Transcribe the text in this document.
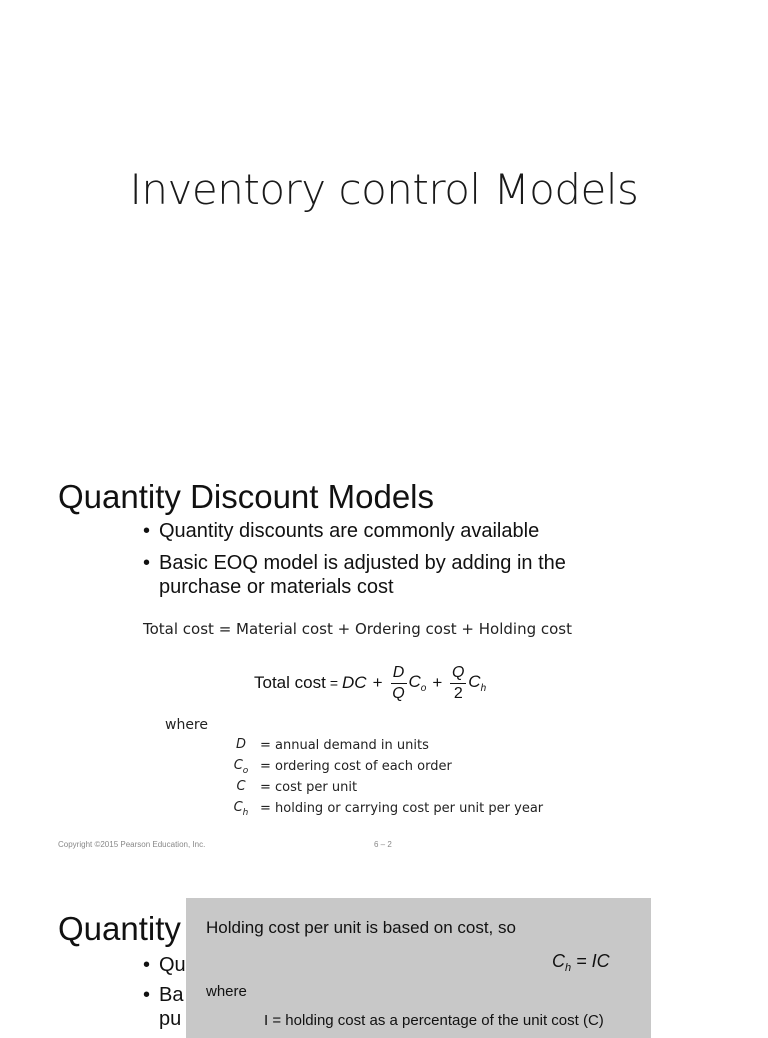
Inventory control Models
Quantity Discount Models
• Quantity discounts are commonly available
• Basic EOQ model is adjusted by adding in the purchase or materials cost
Total cost = Material cost + Ordering cost + Holding cost
Total cost = DC + $\frac{D}{Q} C_o + \frac{Q}{2} C_h$
where
D	= annual demand in units
$C_o$ = ordering cost of each order
C	= cost per unit
$C_h$ = holding or carrying cost per unit per year
Copyright ©2015 Pearson Education, Inc.	6 – 2
Quantity
• Qu
• Ba
pu
Holding cost per unit is based on cost, so
$C_h$ = IC
where
I = holding cost as a percentage of the unit cost (C)
